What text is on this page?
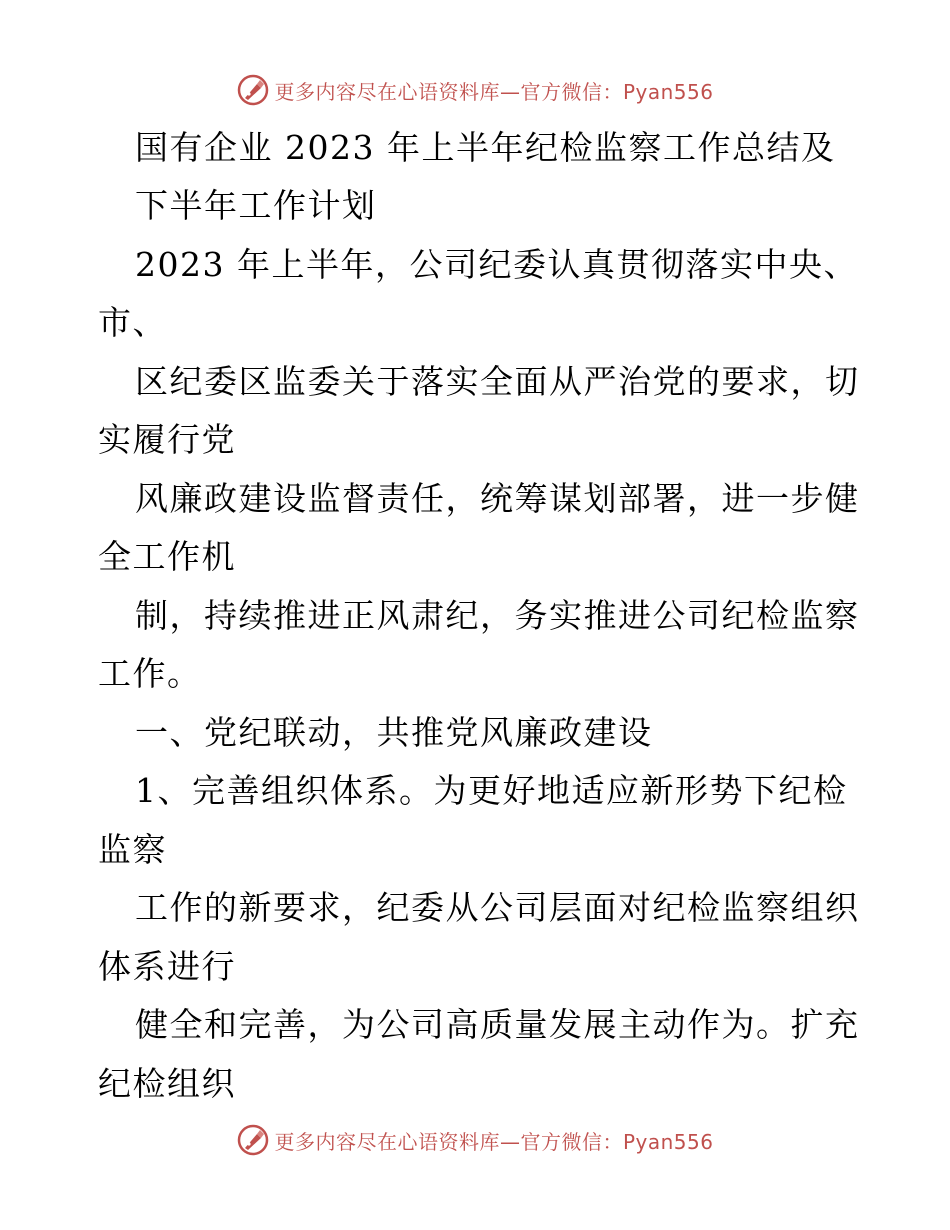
更多内容尽在心语资料库—官方微信：Pyan556
国有企业 2023 年上半年纪检监察工作总结及
下半年工作计划
2023 年上半年，公司纪委认真贯彻落实中央、
市、
区纪委区监委关于落实全面从严治党的要求，切
实履行党
风廉政建设监督责任，统筹谋划部署，进一步健
全工作机
制，持续推进正风肃纪，务实推进公司纪检监察
工作。
一、党纪联动，共推党风廉政建设
1、完善组织体系。为更好地适应新形势下纪检
监察
工作的新要求，纪委从公司层面对纪检监察组织
体系进行
健全和完善，为公司高质量发展主动作为。扩充
纪检组织
更多内容尽在心语资料库—官方微信：Pyan556
